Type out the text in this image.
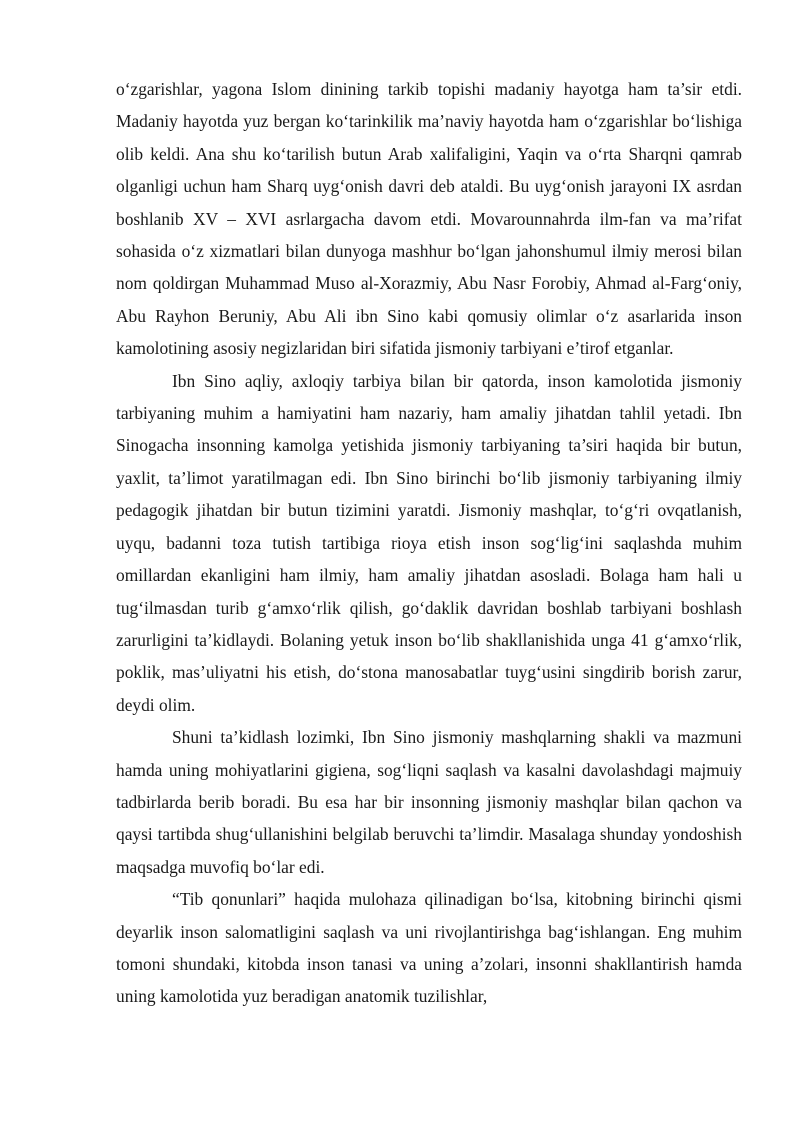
oʻzgarishlar, yagona Islom dinining tarkib topishi madaniy hayotga ham ta’sir etdi. Madaniy hayotda yuz bergan koʻtarinkilik ma’naviy hayotda ham oʻzgarishlar boʻlishiga olib keldi. Ana shu koʻtarilish butun Arab xalifaligini, Yaqin va oʻrta Sharqni qamrab olganligi uchun ham Sharq uygʻonish davri deb ataldi. Bu uygʻonish jarayoni IX asrdan boshlanib XV – XVI asrlargacha davom etdi. Movarounnahrda ilm-fan va ma’rifat sohasida oʻz xizmatlari bilan dunyoga mashhur boʻlgan jahonshumul ilmiy merosi bilan nom qoldirgan Muhammad Muso al-Xorazmiy, Abu Nasr Forobiy, Ahmad al-Fargʻoniy, Abu Rayhon Beruniy, Abu Ali ibn Sino kabi qomusiy olimlar oʻz asarlarida inson kamolotining asosiy negizlaridan biri sifatida jismoniy tarbiyani e’tirof etganlar.

Ibn Sino aqliy, axloqiy tarbiya bilan bir qatorda, inson kamolotida jismoniy tarbiyaning muhim a hamiyatini ham nazariy, ham amaliy jihatdan tahlil yetadi. Ibn Sinogacha insonning kamolga yetishida jismoniy tarbiyaning ta’siri haqida bir butun, yaxlit, ta’limot yaratilmagan edi. Ibn Sino birinchi boʻlib jismoniy tarbiyaning ilmiy pedagogik jihatdan bir butun tizimini yaratdi. Jismoniy mashqlar, toʻgʻri ovqatlanish, uyqu, badanni toza tutish tartibiga rioya etish inson sogʻligʻini saqlashda muhim omillardan ekanligini ham ilmiy, ham amaliy jihatdan asosladi. Bolaga ham hali u tugʻilmasdan turib gʻamxoʻrlik qilish, goʻdaklik davridan boshlab tarbiyani boshlash zarurligini ta’kidlaydi. Bolaning yetuk inson boʻlib shakllanishida unga 41 gʻamxoʻrlik, poklik, mas’uliyatni his etish, doʻstona manosabatlar tuygʻusini singdirib borish zarur, deydi olim.

Shuni ta’kidlash lozimki, Ibn Sino jismoniy mashqlarning shakli va mazmuni hamda uning mohiyatlarini gigiena, sogʻliqni saqlash va kasalni davolashdagi majmuiy tadbirlarda berib boradi. Bu esa har bir insonning jismoniy mashqlar bilan qachon va qaysi tartibda shugʻullanishini belgilab beruvchi ta’limdir. Masalaga shunday yondoshish maqsadga muvofiq boʻlar edi.

“Tib qonunlari” haqida mulohaza qilinadigan boʻlsa, kitobning birinchi qismi deyarlik inson salomatligini saqlash va uni rivojlantirishga bagʻishlangan. Eng muhim tomoni shundaki, kitobda inson tanasi va uning a’zolari, insonni shakllantirish hamda uning kamolotida yuz beradigan anatomik tuzilishlar,
